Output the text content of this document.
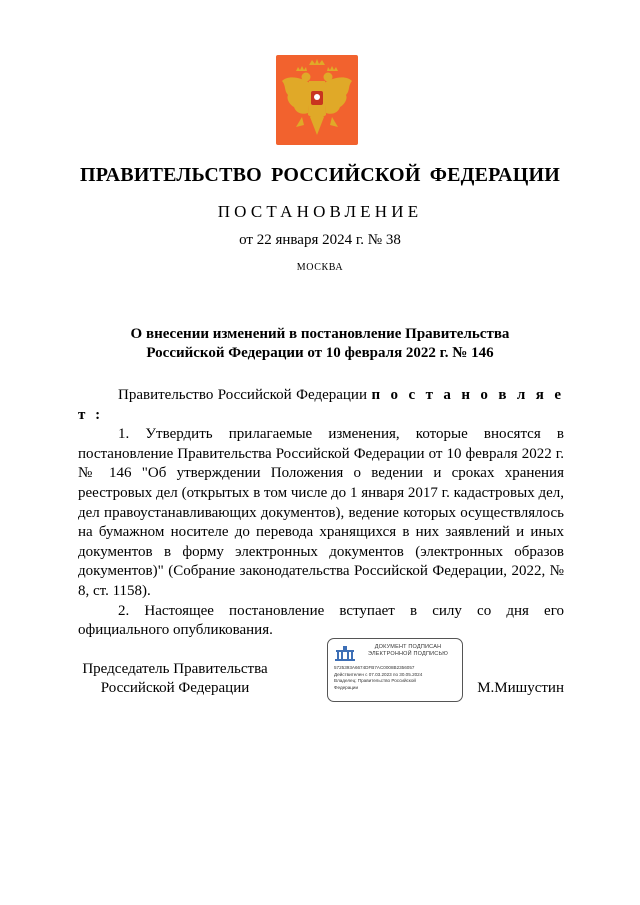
ПРАВИТЕЛЬСТВО РОССИЙСКОЙ ФЕДЕРАЦИИ
ПОСТАНОВЛЕНИЕ
от 22 января 2024 г. № 38
МОСКВА
О внесении изменений в постановление Правительства
Российской Федерации от 10 февраля 2022 г. № 146

Правительство Российской Федерации п о с т а н о в л я е т :

1. Утвердить прилагаемые изменения, которые вносятся в постановление Правительства Российской Федерации от 10 февраля 2022 г. № 146 "Об утверждении Положения о ведении и сроках хранения реестровых дел (открытых в том числе до 1 января 2017 г. кадастровых дел, дел правоустанавливающих документов), ведение которых осуществлялось на бумажном носителе до перевода хранящихся в них заявлений и иных документов в форму электронных документов (электронных образов документов)" (Собрание законодательства Российской Федерации, 2022, № 8, ст. 1158).

2. Настоящее постановление вступает в силу со дня его официального опубликования.

Председатель Правительства
Российской Федерации
ДОКУМЕНТ ПОДПИСАН
ЭЛЕКТРОННОЙ ПОДПИСЬЮ
5725393A6674DFB7AC0008B2356057
Действителен с 07.03.2023 по 30.05.2024
Владелец: Правительство Российской
Федерации	М.Мишустин
